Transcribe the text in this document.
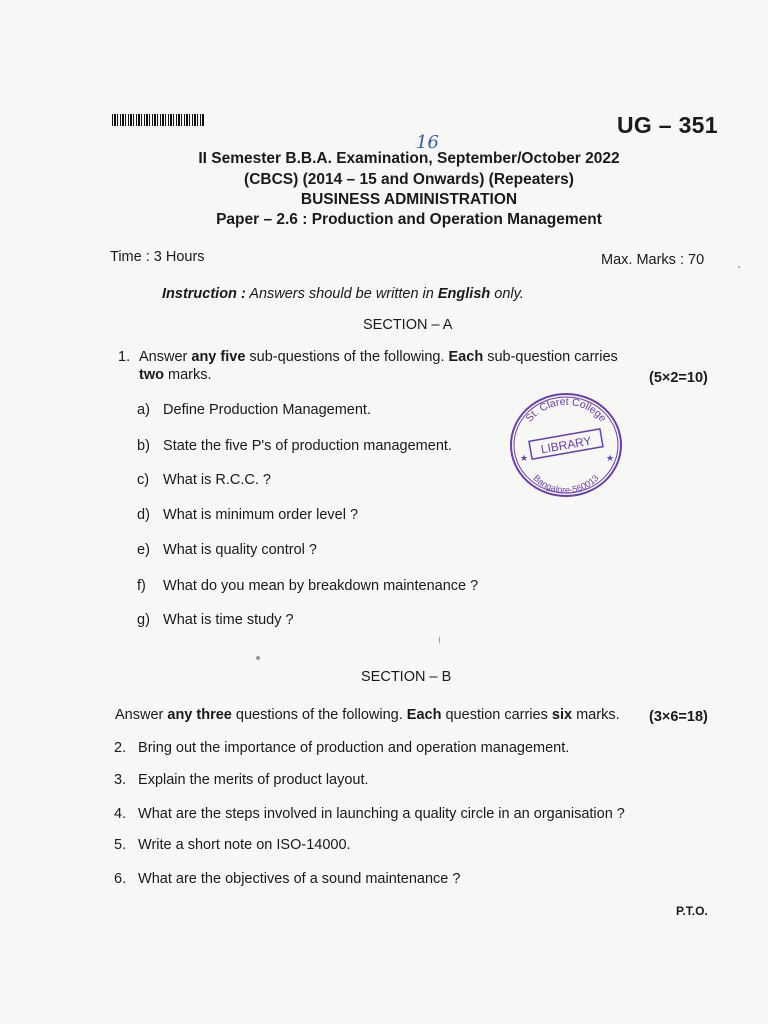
UG – 351
16
II Semester B.B.A. Examination, September/October 2022
(CBCS) (2014 – 15 and Onwards) (Repeaters)
BUSINESS ADMINISTRATION
Paper – 2.6 : Production and Operation Management
Time : 3 Hours	Max. Marks : 70
Instruction : Answers should be written in English only.
SECTION – A
1. Answer any five sub-questions of the following. Each sub-question carries
two marks.	(5×2=10)
a) Define Production Management.
b) State the five P's of production management.
c) What is R.C.C. ?
d) What is minimum order level ?
e) What is quality control ?
f) What do you mean by breakdown maintenance ?
g) What is time study ?
St. Claret College
LIBRARY
Bangalore-560013
★	★
SECTION – B
Answer any three questions of the following. Each question carries six marks. (3×6=18)
2. Bring out the importance of production and operation management.
3. Explain the merits of product layout.
4. What are the steps involved in launching a quality circle in an organisation ?
5. Write a short note on ISO-14000.
6. What are the objectives of a sound maintenance ?
P.T.O.
